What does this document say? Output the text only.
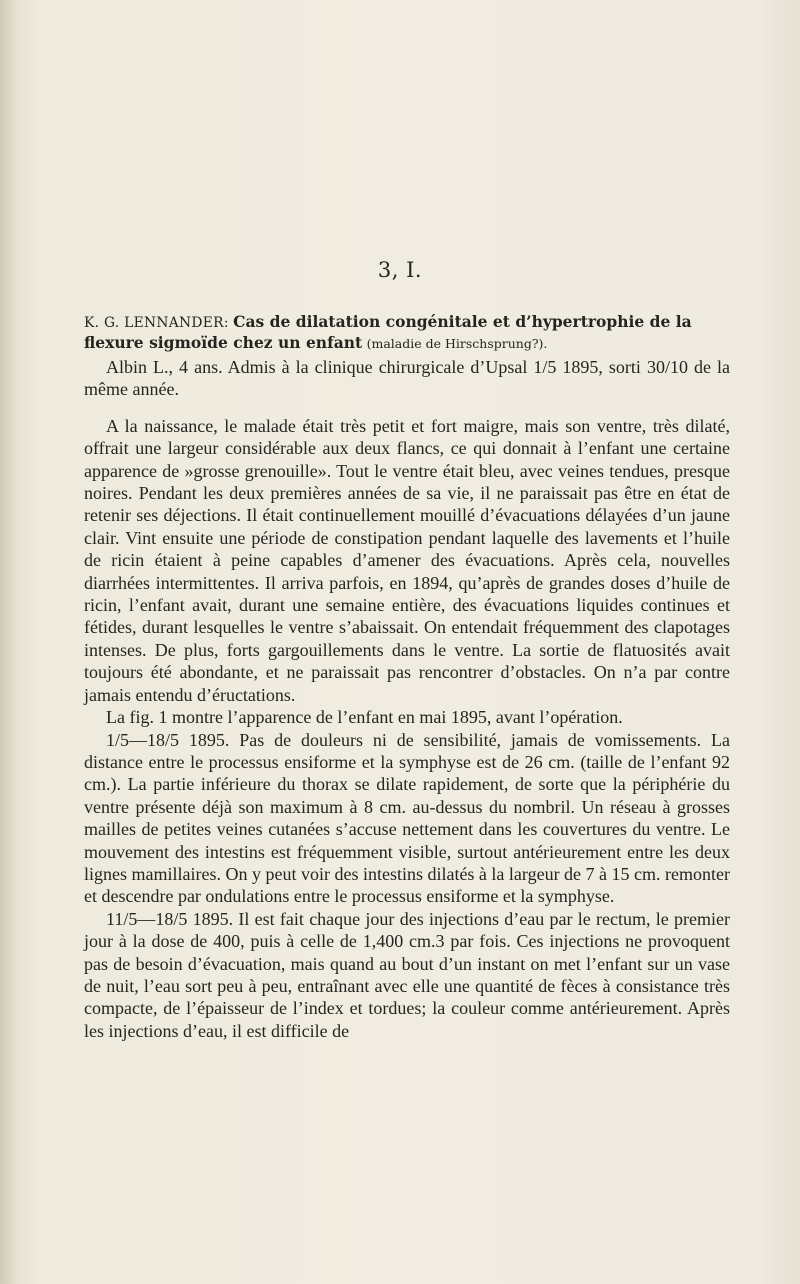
3, I.
K. G. LENNANDER: Cas de dilatation congénitale et d’hypertrophie de la flexure sigmoïde chez un enfant (maladie de Hirschsprung?).

Albin L., 4 ans. Admis à la clinique chirurgicale d’Upsal 1/5 1895, sorti 30/10 de la même année.

A la naissance, le malade était très petit et fort maigre, mais son ventre, très dilaté, offrait une largeur considérable aux deux flancs, ce qui donnait à l’enfant une certaine apparence de »grosse grenouille». Tout le ventre était bleu, avec veines tendues, presque noires. Pendant les deux premières années de sa vie, il ne paraissait pas être en état de retenir ses déjections. Il était continuellement mouillé d’évacuations délayées d’un jaune clair. Vint ensuite une période de constipation pendant laquelle des lavements et l’huile de ricin étaient à peine capables d’amener des évacuations. Après cela, nouvelles diarrhées intermittentes. Il arriva parfois, en 1894, qu’après de grandes doses d’huile de ricin, l’enfant avait, durant une semaine entière, des évacuations liquides continues et fétides, durant lesquelles le ventre s’abaissait. On entendait fréquemment des clapotages intenses. De plus, forts gargouillements dans le ventre. La sortie de flatuosités avait toujours été abondante, et ne paraissait pas rencontrer d’obstacles. On n’a par contre jamais entendu d’éructations.

La fig. 1 montre l’apparence de l’enfant en mai 1895, avant l’opération.

1/5—18/5 1895. Pas de douleurs ni de sensibilité, jamais de vomissements. La distance entre le processus ensiforme et la symphyse est de 26 cm. (taille de l’enfant 92 cm.). La partie inférieure du thorax se dilate rapidement, de sorte que la périphérie du ventre présente déjà son maximum à 8 cm. au-dessus du nombril. Un réseau à grosses mailles de petites veines cutanées s’accuse nettement dans les couvertures du ventre. Le mouvement des intestins est fréquemment visible, surtout antérieurement entre les deux lignes mamillaires. On y peut voir des intestins dilatés à la largeur de 7 à 15 cm. remonter et descendre par ondulations entre le processus ensiforme et la symphyse.

11/5—18/5 1895. Il est fait chaque jour des injections d’eau par le rectum, le premier jour à la dose de 400, puis à celle de 1,400 cm.3 par fois. Ces injections ne provoquent pas de besoin d’évacuation, mais quand au bout d’un instant on met l’enfant sur un vase de nuit, l’eau sort peu à peu, entraînant avec elle une quantité de fèces à consistance très compacte, de l’épaisseur de l’index et tordues; la couleur comme antérieurement. Après les injections d’eau, il est difficile de
